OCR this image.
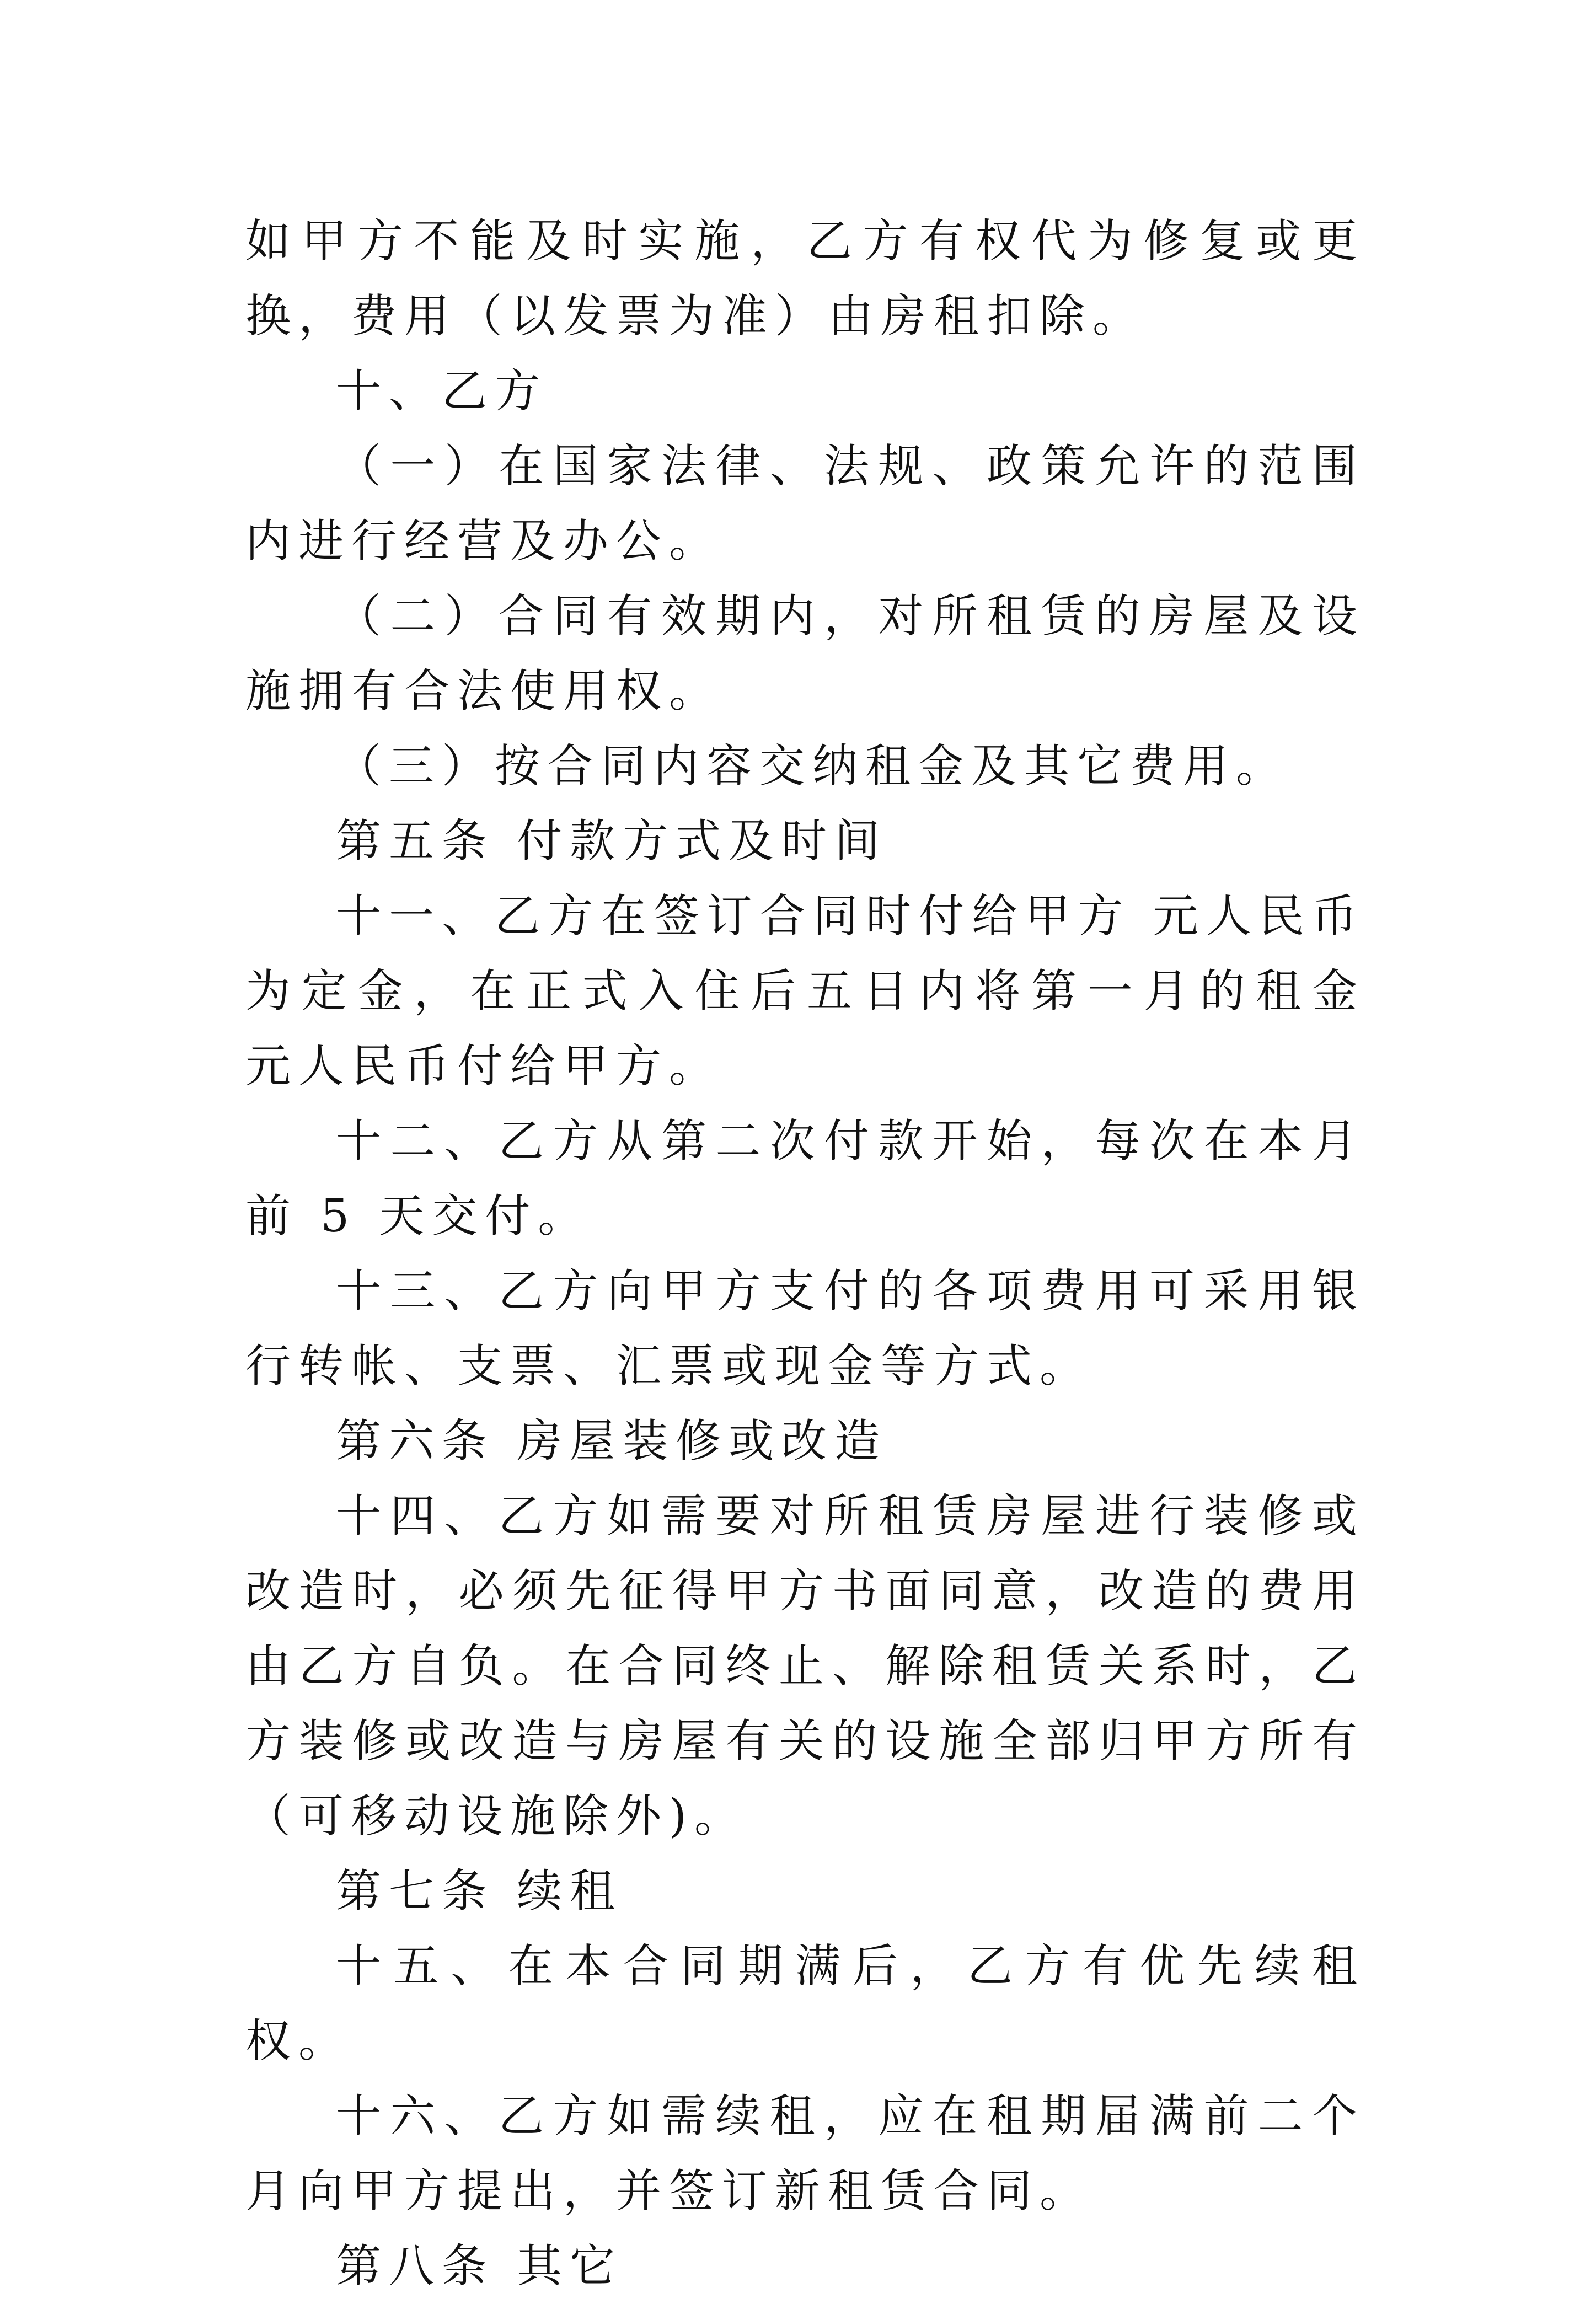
如甲方不能及时实施，乙方有权代为修复或更换，费用（以发票为准）由房租扣除。

十、乙方

（一）在国家法律、法规、政策允许的范围内进行经营及办公。

（二）合同有效期内，对所租赁的房屋及设施拥有合法使用权。

（三）按合同内容交纳租金及其它费用。

第五条 付款方式及时间

十一、乙方在签订合同时付给甲方 元人民币为定金，在正式入住后五日内将第一月的租金 元人民币付给甲方。

十二、乙方从第二次付款开始，每次在本月前 5 天交付。

十三、乙方向甲方支付的各项费用可采用银行转帐、支票、汇票或现金等方式。

第六条 房屋装修或改造

十四、乙方如需要对所租赁房屋进行装修或改造时，必须先征得甲方书面同意，改造的费用由乙方自负。在合同终止、解除租赁关系时，乙方装修或改造与房屋有关的设施全部归甲方所有（可移动设施除外)。

第七条 续租

十五、在本合同期满后，乙方有优先续租权。

十六、乙方如需续租，应在租期届满前二个月向甲方提出，并签订新租赁合同。

第八条 其它
